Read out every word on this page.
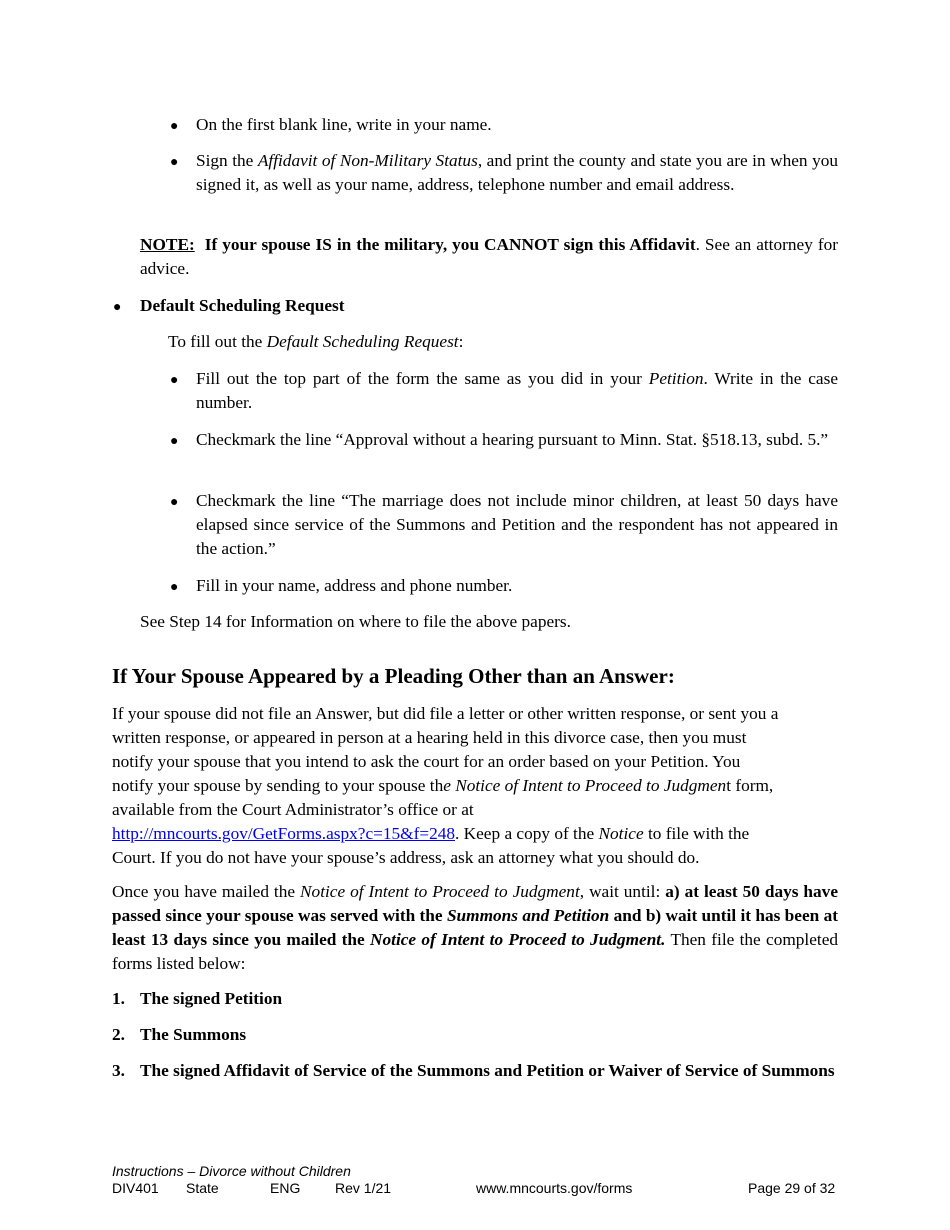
● On the first blank line, write in your name.
● Sign the Affidavit of Non-Military Status, and print the county and state you are in when you signed it, as well as your name, address, telephone number and email address.
NOTE: If your spouse IS in the military, you CANNOT sign this Affidavit. See an attorney for advice.
● Default Scheduling Request
To fill out the Default Scheduling Request:
● Fill out the top part of the form the same as you did in your Petition. Write in the case number.
● Checkmark the line “Approval without a hearing pursuant to Minn. Stat. §518.13, subd. 5.”
● Checkmark the line “The marriage does not include minor children, at least 50 days have elapsed since service of the Summons and Petition and the respondent has not appeared in the action.”
● Fill in your name, address and phone number.
See Step 14 for Information on where to file the above papers.
If Your Spouse Appeared by a Pleading Other than an Answer:
If your spouse did not file an Answer, but did file a letter or other written response, or sent you a
written response, or appeared in person at a hearing held in this divorce case, then you must
notify your spouse that you intend to ask the court for an order based on your Petition. You
notify your spouse by sending to your spouse the Notice of Intent to Proceed to Judgment form,
available from the Court Administrator’s office or at
http://mncourts.gov/GetForms.aspx?c=15&f=248. Keep a copy of the Notice to file with the
Court. If you do not have your spouse’s address, ask an attorney what you should do.
Once you have mailed the Notice of Intent to Proceed to Judgment, wait until: a) at least 50 days have passed since your spouse was served with the Summons and Petition and b) wait until it has been at least 13 days since you mailed the Notice of Intent to Proceed to Judgment. Then file the completed forms listed below:
1. The signed Petition
2. The Summons
3. The signed Affidavit of Service of the Summons and Petition or Waiver of Service of Summons
Instructions – Divorce without Children
DIV401 State	ENG Rev 1/21	www.mncourts.gov/forms	Page 29 of 32
